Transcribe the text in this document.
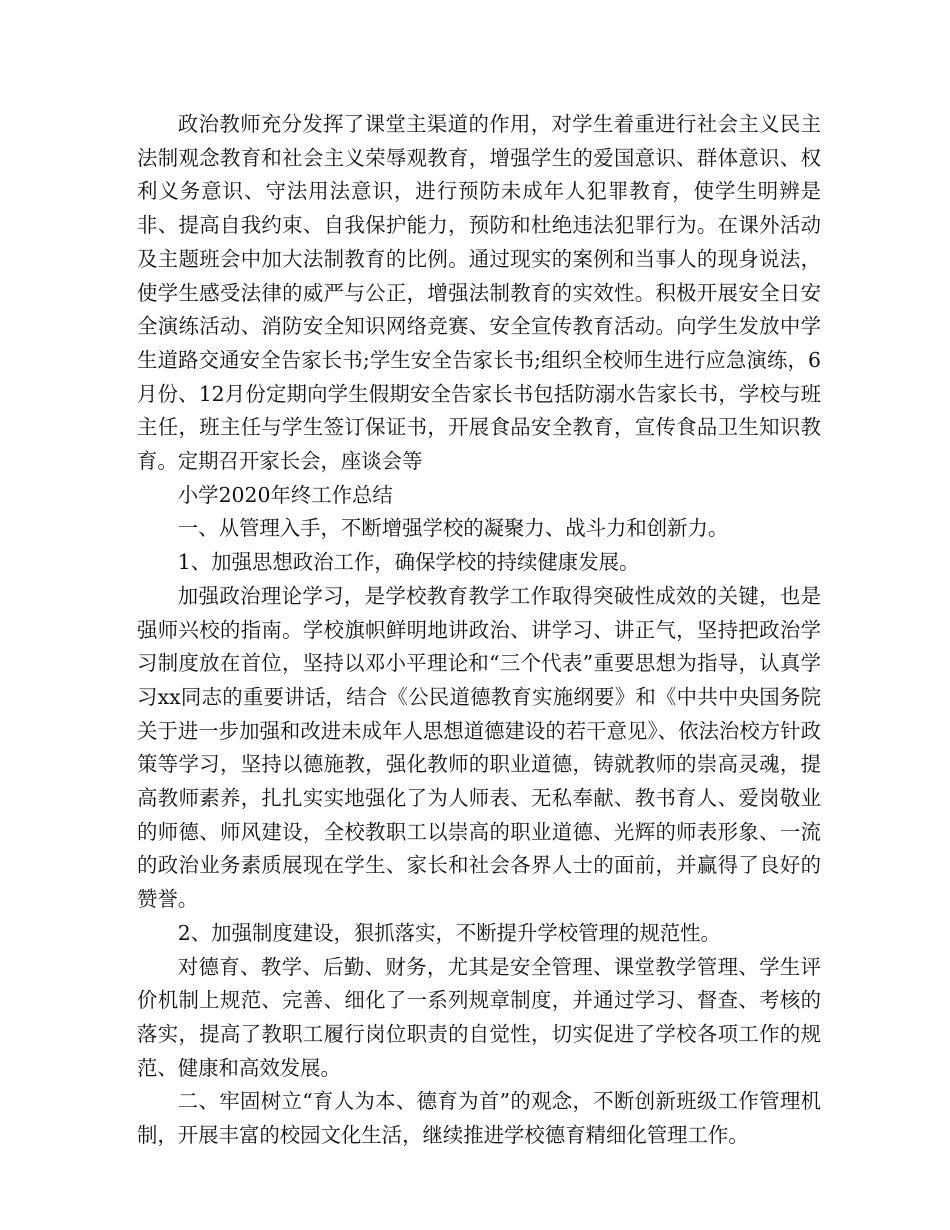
政治教师充分发挥了课堂主渠道的作用，对学生着重进行社会主义民主法制观念教育和社会主义荣辱观教育，增强学生的爱国意识、群体意识、权利义务意识、守法用法意识，进行预防未成年人犯罪教育，使学生明辨是非、提高自我约束、自我保护能力，预防和杜绝违法犯罪行为。在课外活动及主题班会中加大法制教育的比例。通过现实的案例和当事人的现身说法，使学生感受法律的威严与公正，增强法制教育的实效性。积极开展安全日安全演练活动、消防安全知识网络竞赛、安全宣传教育活动。向学生发放中学生道路交通安全告家长书;学生安全告家长书;组织全校师生进行应急演练，6月份、12月份定期向学生假期安全告家长书包括防溺水告家长书，学校与班主任，班主任与学生签订保证书，开展食品安全教育，宣传食品卫生知识教育。定期召开家长会，座谈会等

小学2020年终工作总结

一、从管理入手，不断增强学校的凝聚力、战斗力和创新力。

1、加强思想政治工作，确保学校的持续健康发展。

加强政治理论学习，是学校教育教学工作取得突破性成效的关键，也是强师兴校的指南。学校旗帜鲜明地讲政治、讲学习、讲正气，坚持把政治学习制度放在首位，坚持以邓小平理论和“三个代表”重要思想为指导，认真学习xx同志的重要讲话，结合《公民道德教育实施纲要》和《中共中央国务院关于进一步加强和改进未成年人思想道德建设的若干意见》、依法治校方针政策等学习，坚持以德施教，强化教师的职业道德，铸就教师的崇高灵魂，提高教师素养，扎扎实实地强化了为人师表、无私奉献、教书育人、爱岗敬业的师德、师风建设，全校教职工以崇高的职业道德、光辉的师表形象、一流的政治业务素质展现在学生、家长和社会各界人士的面前，并赢得了良好的赞誉。

2、加强制度建设，狠抓落实，不断提升学校管理的规范性。

对德育、教学、后勤、财务，尤其是安全管理、课堂教学管理、学生评价机制上规范、完善、细化了一系列规章制度，并通过学习、督查、考核的落实，提高了教职工履行岗位职责的自觉性，切实促进了学校各项工作的规范、健康和高效发展。

二、牢固树立“育人为本、德育为首”的观念，不断创新班级工作管理机制，开展丰富的校园文化生活，继续推进学校德育精细化管理工作。
